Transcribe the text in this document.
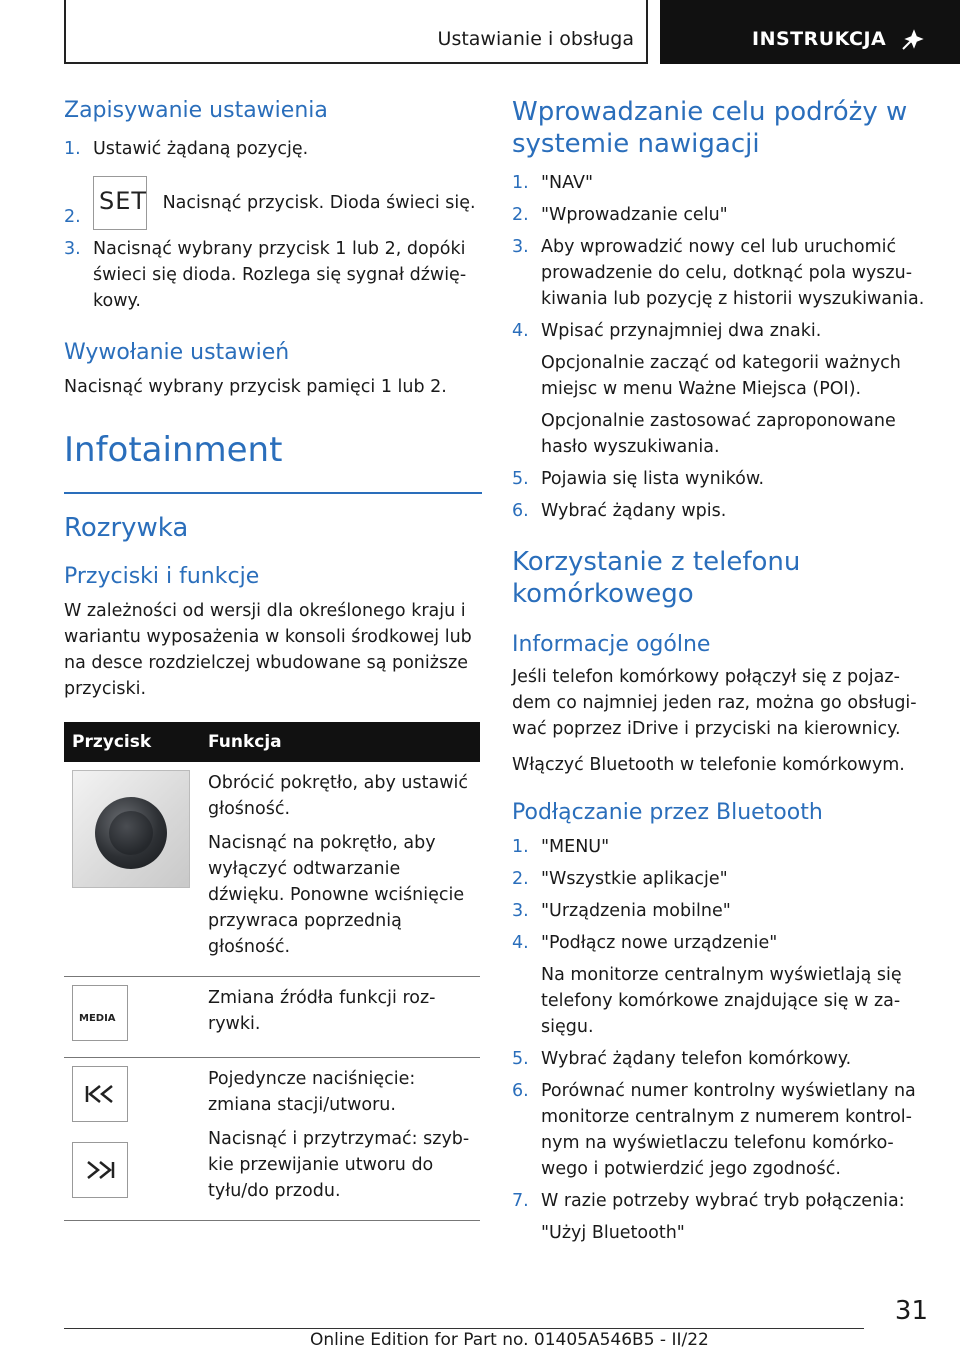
Ustawianie i obsługa	INSTRUKCJA
Zapisywanie ustawienia
1. Ustawić żądaną pozycję.
2.
SET Nacisnąć przycisk. Dioda świeci się.
3. Nacisnąć wybrany przycisk 1 lub 2, dopóki świeci się dioda. Rozlega się sygnał dźwiękowy.
Wywołanie ustawień

Nacisnąć wybrany przycisk pamięci 1 lub 2.

Infotainment
Rozrywka
Przyciski i funkcje

W zależności od wersji dla określonego kraju i wariantu wyposażenia w konsoli środkowej lub na desce rozdzielczej wbudowane są poniższe przyciski.

Przycisk	Funkcja

	Obrócić pokrętło, aby ustawić głośność.

Nacisnąć na pokrętło, aby wyłączyć odtwarzanie dźwięku. Ponowne wciśnięcie przywraca poprzednią głośność.

MEDIA	Zmiana źródła funkcji rozrywki.

Pojedyncze naciśnięcie: zmiana stacji/utworu.

Nacisnąć i przytrzymać: szybkie przewijanie utworu do tyłu/do przodu.

Wprowadzanie celu podróży w systemie nawigacji
1. "NAV"
2. "Wprowadzanie celu"
3. Aby wprowadzić nowy cel lub uruchomić prowadzenie do celu, dotknąć pola wyszukiwania lub pozycję z historii wyszukiwania.
4. Wpisać przynajmniej dwa znaki.
Opcjonalnie zacząć od kategorii ważnych miejsc w menu Ważne Miejsca (POI).
Opcjonalnie zastosować zaproponowane hasło wyszukiwania.
5. Pojawia się lista wyników.
6. Wybrać żądany wpis.
Korzystanie z telefonu komórkowego
Informacje ogólne

Jeśli telefon komórkowy połączył się z pojazdem co najmniej jeden raz, można go obsługiwać poprzez iDrive i przyciski na kierownicy.

Włączyć Bluetooth w telefonie komórkowym.

Podłączanie przez Bluetooth
1. "MENU"
2. "Wszystkie aplikacje"
3. "Urządzenia mobilne"
4. "Podłącz nowe urządzenie"
Na monitorze centralnym wyświetlają się telefony komórkowe znajdujące się w zasięgu.
5. Wybrać żądany telefon komórkowy.
6. Porównać numer kontrolny wyświetlany na monitorze centralnym z numerem kontrolnym na wyświetlaczu telefonu komórkowego i potwierdzić jego zgodność.
7. W razie potrzeby wybrać tryb połączenia:
"Użyj Bluetooth"
31
Online Edition for Part no. 01405A546B5 - II/22
